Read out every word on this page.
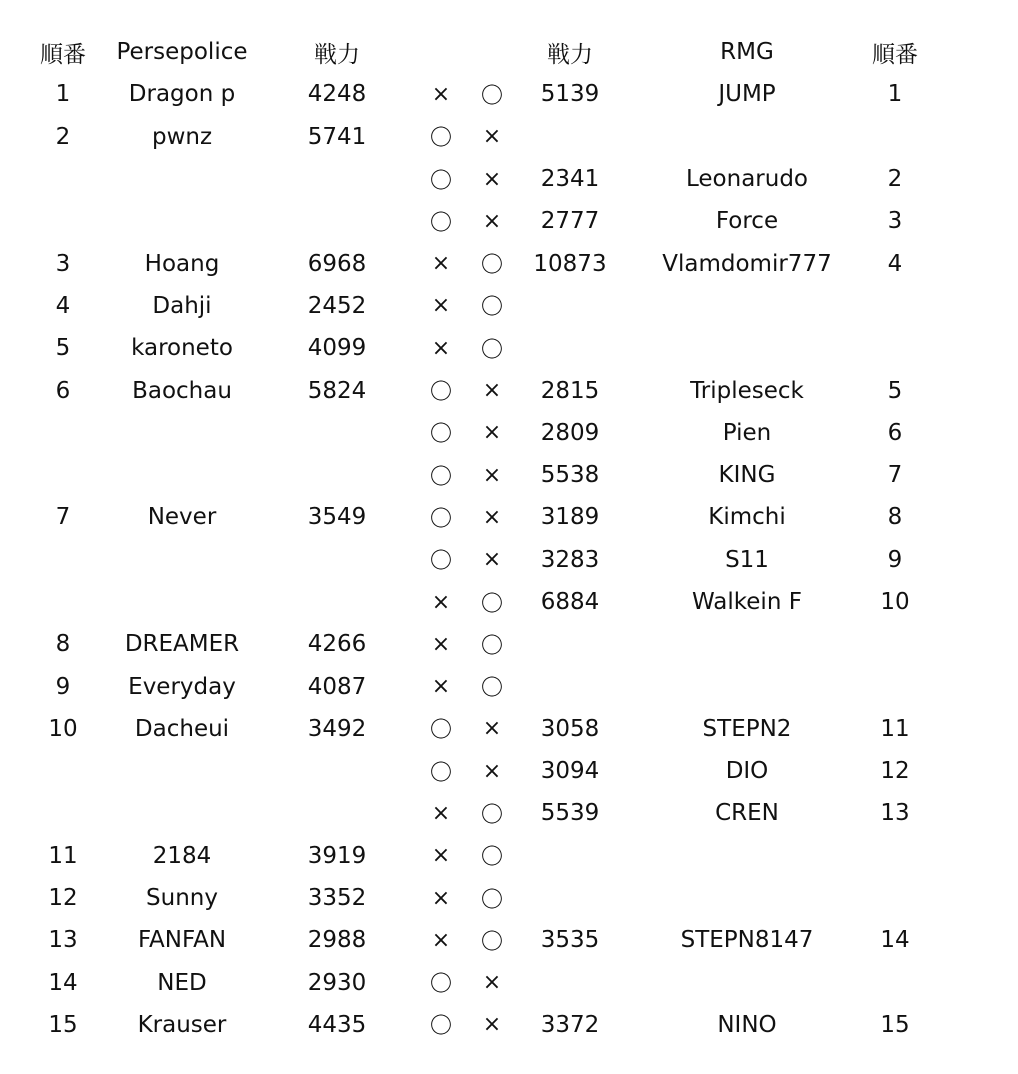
順番	Persepolice	戦力			戦力	RMG	順番
1	Dragon p	4248	×	〇	5139	JUMP	1
2	pwnz	5741	〇	×			
			〇	×	2341	Leonarudo	2
			〇	×	2777	Force	3
3	Hoang	6968	×	〇	10873	Vlamdomir777	4
4	Dahji	2452	×	〇			
5	karoneto	4099	×	〇			
6	Baochau	5824	〇	×	2815	Tripleseck	5
			〇	×	2809	Pien	6
			〇	×	5538	KING	7
7	Never	3549	〇	×	3189	Kimchi	8
			〇	×	3283	S11	9
			×	〇	6884	Walkein F	10
8	DREAMER	4266	×	〇			
9	Everyday	4087	×	〇			
10	Dacheui	3492	〇	×	3058	STEPN2	11
			〇	×	3094	DIO	12
			×	〇	5539	CREN	13
11	2184	3919	×	〇			
12	Sunny	3352	×	〇			
13	FANFAN	2988	×	〇	3535	STEPN8147	14
14	NED	2930	〇	×			
15	Krauser	4435	〇	×	3372	NINO	15
